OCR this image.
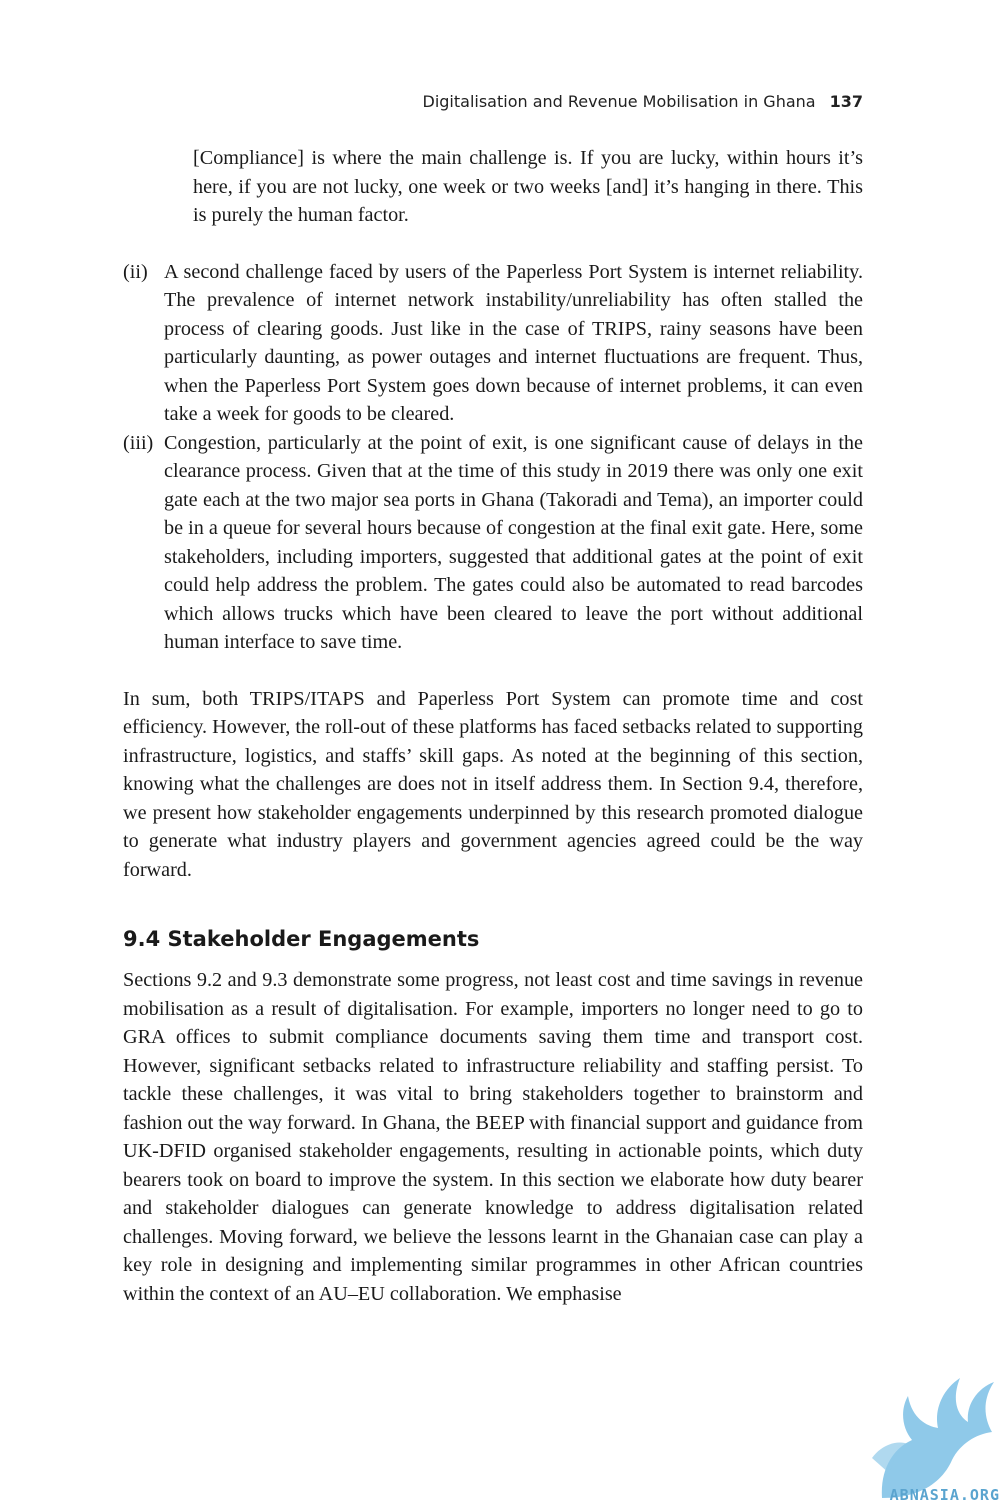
Digitalisation and Revenue Mobilisation in Ghana 137

[Compliance] is where the main challenge is. If you are lucky, within hours it’s here, if you are not lucky, one week or two weeks [and] it’s hanging in there. This is purely the human factor.

(ii) A second challenge faced by users of the Paperless Port System is internet reliability. The prevalence of internet network instability/unreliability has often stalled the process of clearing goods. Just like in the case of TRIPS, rainy seasons have been particularly daunting, as power outages and internet fluctuations are frequent. Thus, when the Paperless Port System goes down because of internet problems, it can even take a week for goods to be cleared.
(iii) Congestion, particularly at the point of exit, is one significant cause of delays in the clearance process. Given that at the time of this study in 2019 there was only one exit gate each at the two major sea ports in Ghana (Takoradi and Tema), an importer could be in a queue for several hours because of congestion at the final exit gate. Here, some stakeholders, including importers, suggested that additional gates at the point of exit could help address the problem. The gates could also be automated to read barcodes which allows trucks which have been cleared to leave the port without additional human interface to save time.

In sum, both TRIPS/ITAPS and Paperless Port System can promote time and cost efficiency. However, the roll-out of these platforms has faced setbacks related to supporting infrastructure, logistics, and staffs’ skill gaps. As noted at the beginning of this section, knowing what the challenges are does not in itself address them. In Section 9.4, therefore, we present how stakeholder engagements underpinned by this research promoted dialogue to generate what industry players and government agencies agreed could be the way forward.

9.4 Stakeholder Engagements

Sections 9.2 and 9.3 demonstrate some progress, not least cost and time savings in revenue mobilisation as a result of digitalisation. For example, importers no longer need to go to GRA offices to submit compliance documents saving them time and transport cost. However, significant setbacks related to infrastructure reliability and staffing persist. To tackle these challenges, it was vital to bring stakeholders together to brainstorm and fashion out the way forward. In Ghana, the BEEP with financial support and guidance from UK-DFID organised stakeholder engagements, resulting in actionable points, which duty bearers took on board to improve the system. In this section we elaborate how duty bearer and stakeholder dialogues can generate knowledge to address digitalisation related challenges. Moving forward, we believe the lessons learnt in the Ghanaian case can play a key role in designing and implementing similar programmes in other African countries within the context of an AU–EU collaboration. We emphasise

ABNASIA.ORG
